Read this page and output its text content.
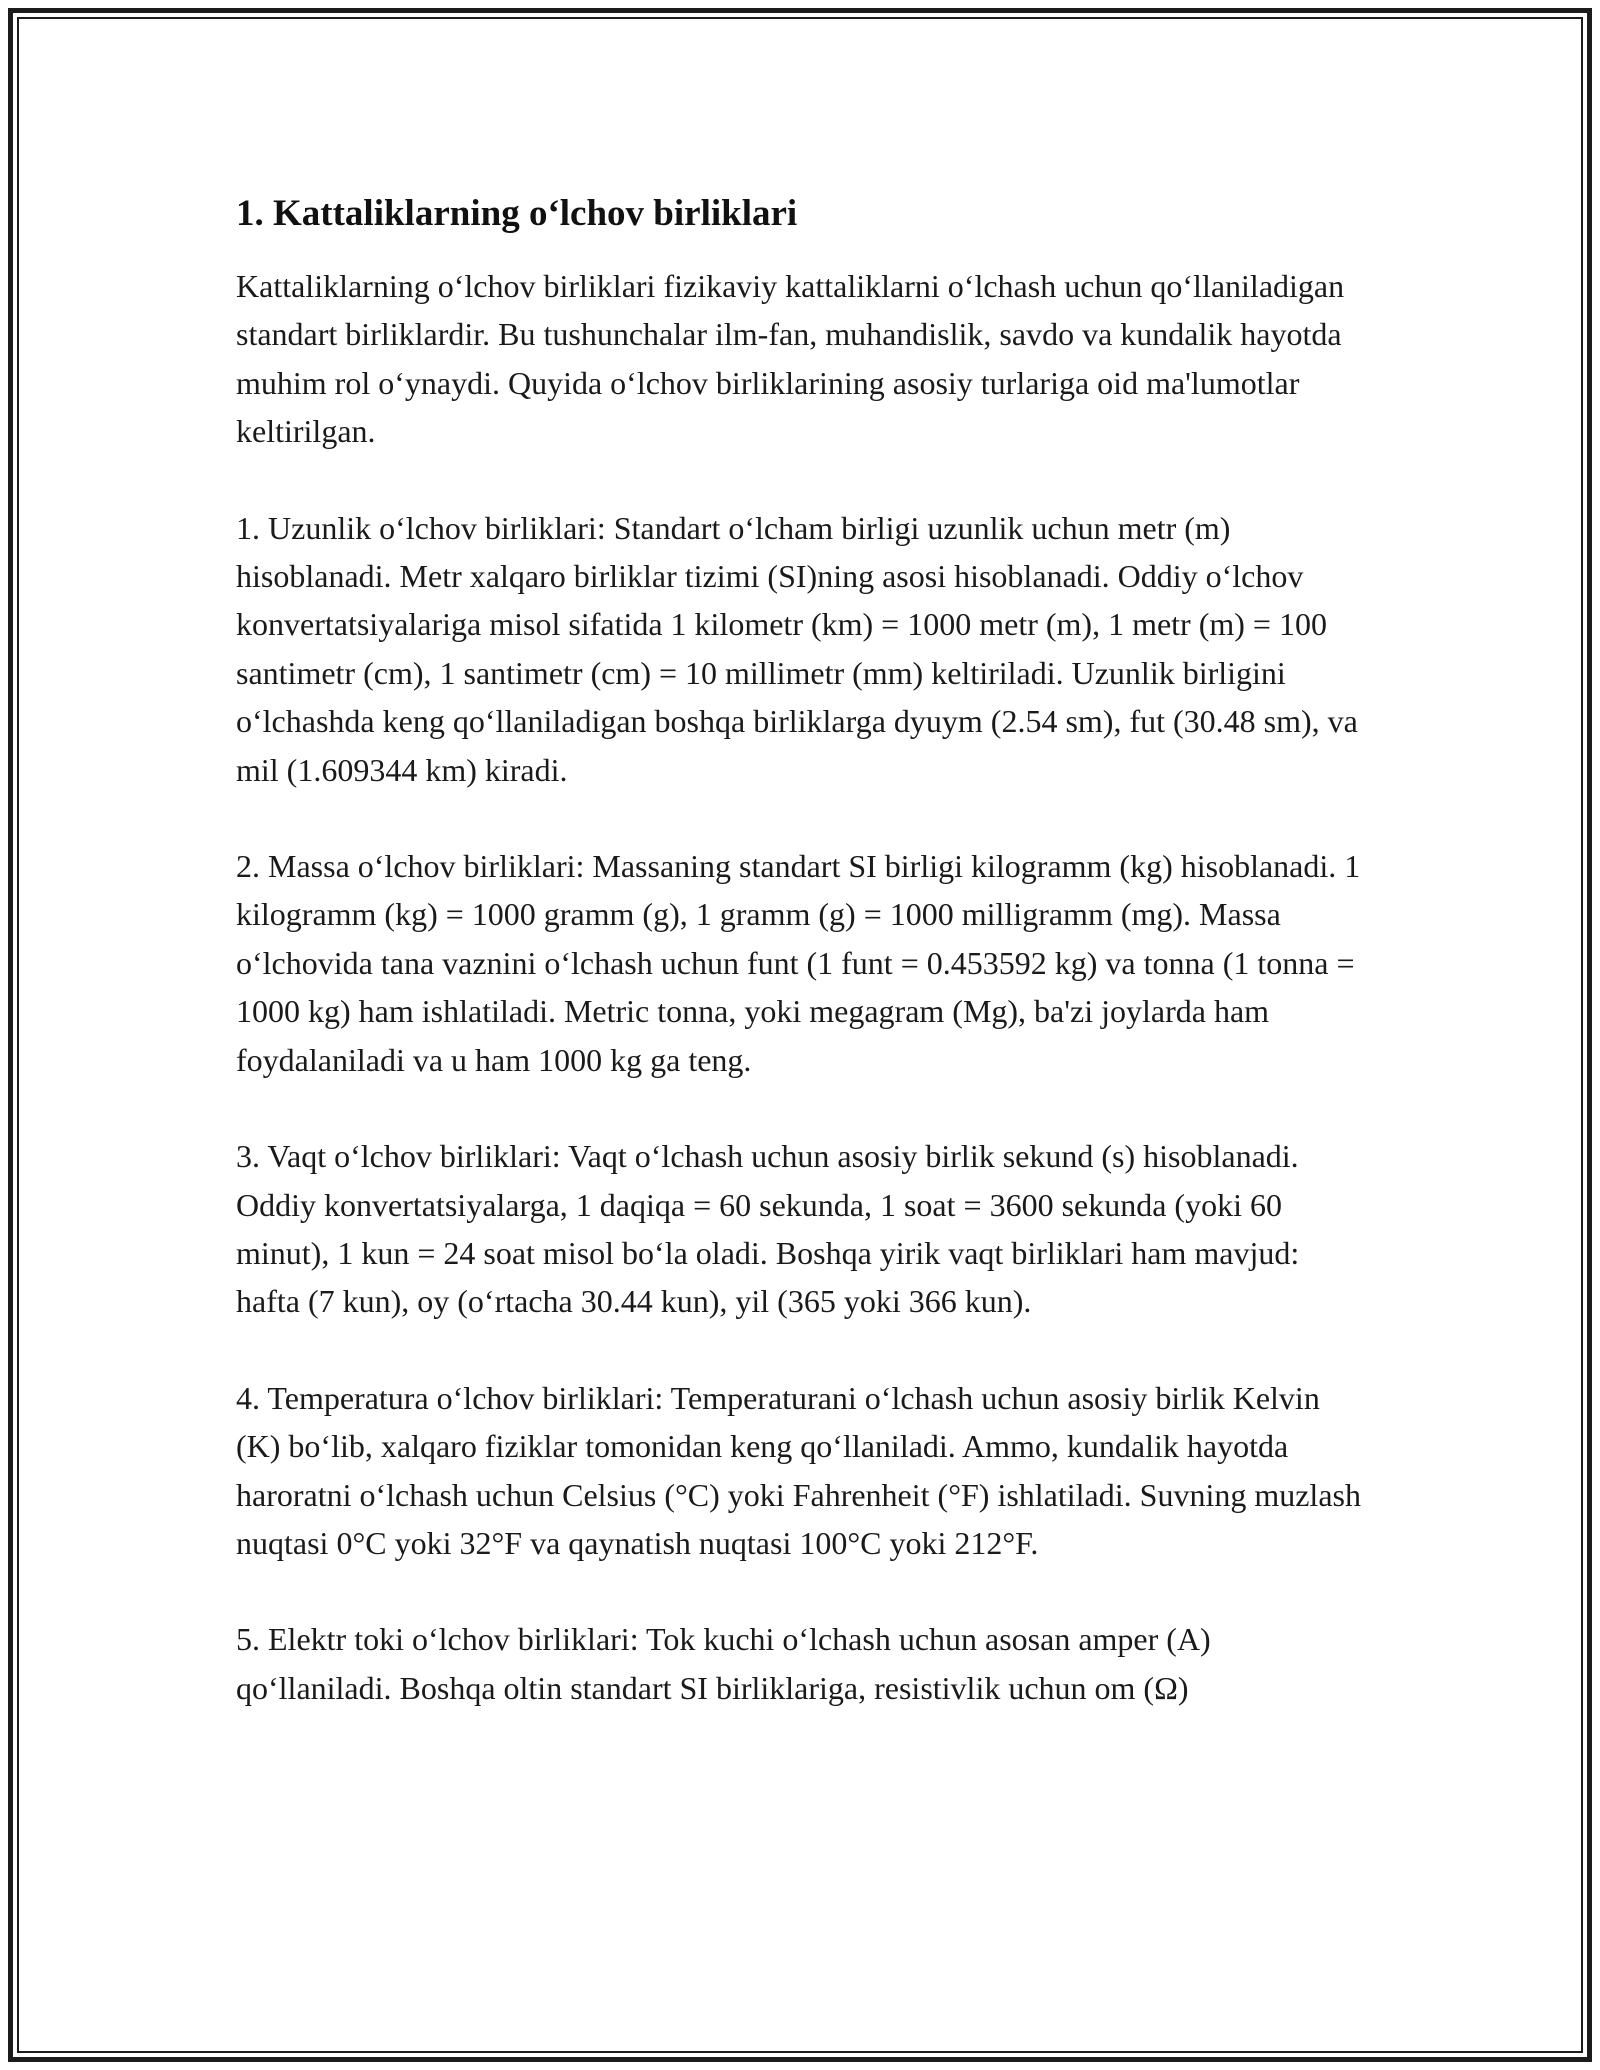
1. Kattaliklarning o‘lchov birliklari

Kattaliklarning o‘lchov birliklari fizikaviy kattaliklarni o‘lchash uchun qo‘llaniladigan standart birliklardir. Bu tushunchalar ilm-fan, muhandislik, savdo va kundalik hayotda muhim rol o‘ynaydi. Quyida o‘lchov birliklarining asosiy turlariga oid ma'lumotlar keltirilgan.

1. Uzunlik o‘lchov birliklari: Standart o‘lcham birligi uzunlik uchun metr (m) hisoblanadi. Metr xalqaro birliklar tizimi (SI)ning asosi hisoblanadi. Oddiy o‘lchov konvertatsiyalariga misol sifatida 1 kilometr (km) = 1000 metr (m), 1 metr (m) = 100 santimetr (cm), 1 santimetr (cm) = 10 millimetr (mm) keltiriladi. Uzunlik birligini o‘lchashda keng qo‘llaniladigan boshqa birliklarga dyuym (2.54 sm), fut (30.48 sm), va mil (1.609344 km) kiradi.

2. Massa o‘lchov birliklari: Massaning standart SI birligi kilogramm (kg) hisoblanadi. 1 kilogramm (kg) = 1000 gramm (g), 1 gramm (g) = 1000 milligramm (mg). Massa o‘lchovida tana vaznini o‘lchash uchun funt (1 funt = 0.453592 kg) va tonna (1 tonna = 1000 kg) ham ishlatiladi. Metric tonna, yoki megagram (Mg), ba'zi joylarda ham foydalaniladi va u ham 1000 kg ga teng.

3. Vaqt o‘lchov birliklari: Vaqt o‘lchash uchun asosiy birlik sekund (s) hisoblanadi. Oddiy konvertatsiyalarga, 1 daqiqa = 60 sekunda, 1 soat = 3600 sekunda (yoki 60 minut), 1 kun = 24 soat misol bo‘la oladi. Boshqa yirik vaqt birliklari ham mavjud: hafta (7 kun), oy (o‘rtacha 30.44 kun), yil (365 yoki 366 kun).

4. Temperatura o‘lchov birliklari: Temperaturani o‘lchash uchun asosiy birlik Kelvin (K) bo‘lib, xalqaro fiziklar tomonidan keng qo‘llaniladi. Ammo, kundalik hayotda haroratni o‘lchash uchun Celsius (°C) yoki Fahrenheit (°F) ishlatiladi. Suvning muzlash nuqtasi 0°C yoki 32°F va qaynatish nuqtasi 100°C yoki 212°F.

5. Elektr toki o‘lchov birliklari: Tok kuchi o‘lchash uchun asosan amper (A) qo‘llaniladi. Boshqa oltin standart SI birliklariga, resistivlik uchun om (Ω)
